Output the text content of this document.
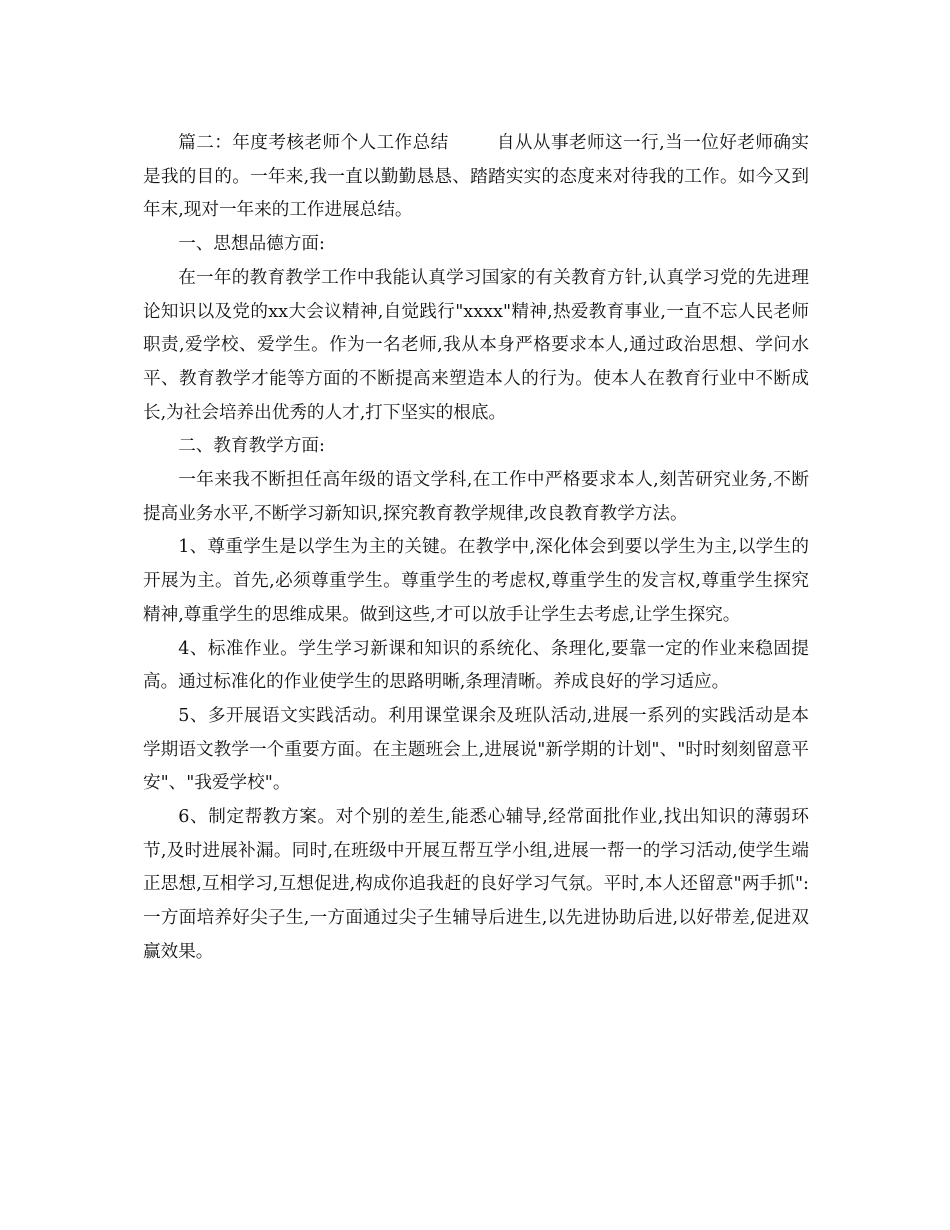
篇二：年度考核老师个人工作总结	自从从事老师这一行,当一位好老师确实是我的目的。一年来,我一直以勤勤恳恳、踏踏实实的态度来对待我的工作。如今又到年末,现对一年来的工作进展总结。

一、思想品德方面:

在一年的教育教学工作中我能认真学习国家的有关教育方针,认真学习党的先进理论知识以及党的xx大会议精神,自觉践行"xxxx"精神,热爱教育事业,一直不忘人民老师职责,爱学校、爱学生。作为一名老师,我从本身严格要求本人,通过政治思想、学问水平、教育教学才能等方面的不断提高来塑造本人的行为。使本人在教育行业中不断成长,为社会培养出优秀的人才,打下坚实的根底。

二、教育教学方面:

一年来我不断担任高年级的语文学科,在工作中严格要求本人,刻苦研究业务,不断提高业务水平,不断学习新知识,探究教育教学规律,改良教育教学方法。

1、尊重学生是以学生为主的关键。在教学中,深化体会到要以学生为主,以学生的开展为主。首先,必须尊重学生。尊重学生的考虑权,尊重学生的发言权,尊重学生探究精神,尊重学生的思维成果。做到这些,才可以放手让学生去考虑,让学生探究。

4、标准作业。学生学习新课和知识的系统化、条理化,要靠一定的作业来稳固提高。通过标准化的作业使学生的思路明晰,条理清晰。养成良好的学习适应。

5、多开展语文实践活动。利用课堂课余及班队活动,进展一系列的实践活动是本学期语文教学一个重要方面。在主题班会上,进展说"新学期的计划"、"时时刻刻留意平安"、"我爱学校"。

6、制定帮教方案。对个别的差生,能悉心辅导,经常面批作业,找出知识的薄弱环节,及时进展补漏。同时,在班级中开展互帮互学小组,进展一帮一的学习活动,使学生端正思想,互相学习,互想促进,构成你追我赶的良好学习气氛。平时,本人还留意"两手抓":一方面培养好尖子生,一方面通过尖子生辅导后进生,以先进协助后进,以好带差,促进双赢效果。
